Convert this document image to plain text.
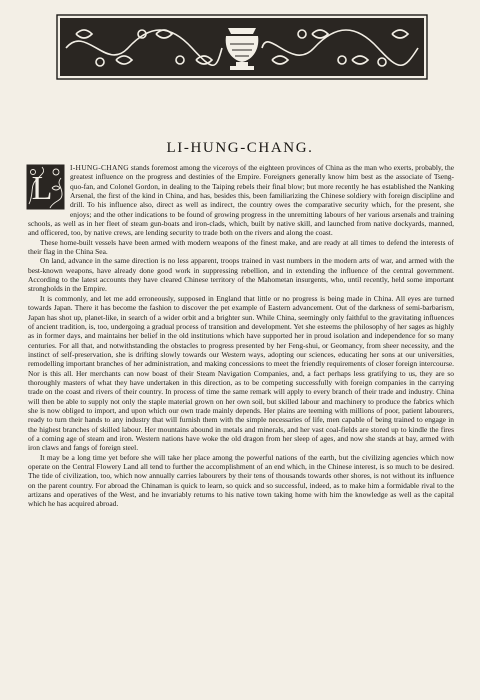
LI-HUNG-CHANG.

L
I-HUNG-CHANG stands foremost among the viceroys of the eighteen provinces of China as the man who exerts, probably, the greatest influence on the progress and destinies of the Empire. Foreigners generally know him best as the associate of Tseng-quo-fan, and Colonel Gordon, in dealing to the Taiping rebels their final blow; but more recently he has established the Nanking Arsenal, the first of the kind in China, and has, besides this, been familiarizing the Chinese soldiery with foreign discipline and drill. To his influence also, direct as well as indirect, the country owes the comparative security which, for the present, she enjoys; and the other indications to be found of growing progress in the unremitting labours of her various arsenals and training schools, as well as in her fleet of steam gun-boats and iron-clads, which, built by native skill, and launched from native dockyards, manned, and officered, too, by native crews, are lending security to trade both on the rivers and along the coast.

These home-built vessels have been armed with modern weapons of the finest make, and are ready at all times to defend the interests of their flag in the China Sea.

On land, advance in the same direction is no less apparent, troops trained in vast numbers in the modern arts of war, and armed with the best-known weapons, have already done good work in suppressing rebellion, and in extending the influence of the central government. According to the latest accounts they have cleared Chinese territory of the Mahometan insurgents, who, until recently, held some important strongholds in the Empire.

It is commonly, and let me add erroneously, supposed in England that little or no progress is being made in China. All eyes are turned towards Japan. There it has become the fashion to discover the pet example of Eastern advancement. Out of the darkness of semi-barbarism, Japan has shot up, planet-like, in search of a wider orbit and a brighter sun. While China, seemingly only faithful to the gravitating influences of ancient tradition, is, too, undergoing a gradual process of transition and development. Yet she esteems the philosophy of her sages as highly as in former days, and maintains her belief in the old institutions which have supported her in proud isolation and independence for so many centuries. For all that, and notwithstanding the obstacles to progress presented by her Feng-shui, or Geomancy, from sheer necessity, and the instinct of self-preservation, she is drifting slowly towards our Western ways, adopting our sciences, educating her sons at our universities, remodelling important branches of her administration, and making concessions to meet the friendly requirements of closer foreign intercourse. Nor is this all. Her merchants can now boast of their Steam Navigation Companies, and, a fact perhaps less gratifying to us, they are so thoroughly masters of what they have undertaken in this direction, as to be competing successfully with foreign companies in the carrying trade on the coast and rivers of their country. In process of time the same remark will apply to every branch of their trade and industry. China will then be able to supply not only the staple material grown on her own soil, but skilled labour and machinery to produce the fabrics which she is now obliged to import, and upon which our own trade mainly depends. Her plains are teeming with millions of poor, patient labourers, ready to turn their hands to any industry that will furnish them with the simple necessaries of life, men capable of being trained to engage in the highest branches of skilled labour. Her mountains abound in metals and minerals, and her vast coal-fields are stored up to kindle the fires of a coming age of steam and iron. Western nations have woke the old dragon from her sleep of ages, and now she stands at bay, armed with iron claws and fangs of foreign steel.

It may be a long time yet before she will take her place among the powerful nations of the earth, but the civilizing agencies which now operate on the Central Flowery Land all tend to further the accomplishment of an end which, in the Chinese interest, is so much to be desired. The tide of civilization, too, which now annually carries labourers by their tens of thousands towards other shores, is not without its influence on the parent country. For abroad the Chinaman is quick to learn, so quick and so successful, indeed, as to make him a formidable rival to the artizans and operatives of the West, and he invariably returns to his native town taking home with him the knowledge as well as the capital which he has acquired abroad.
